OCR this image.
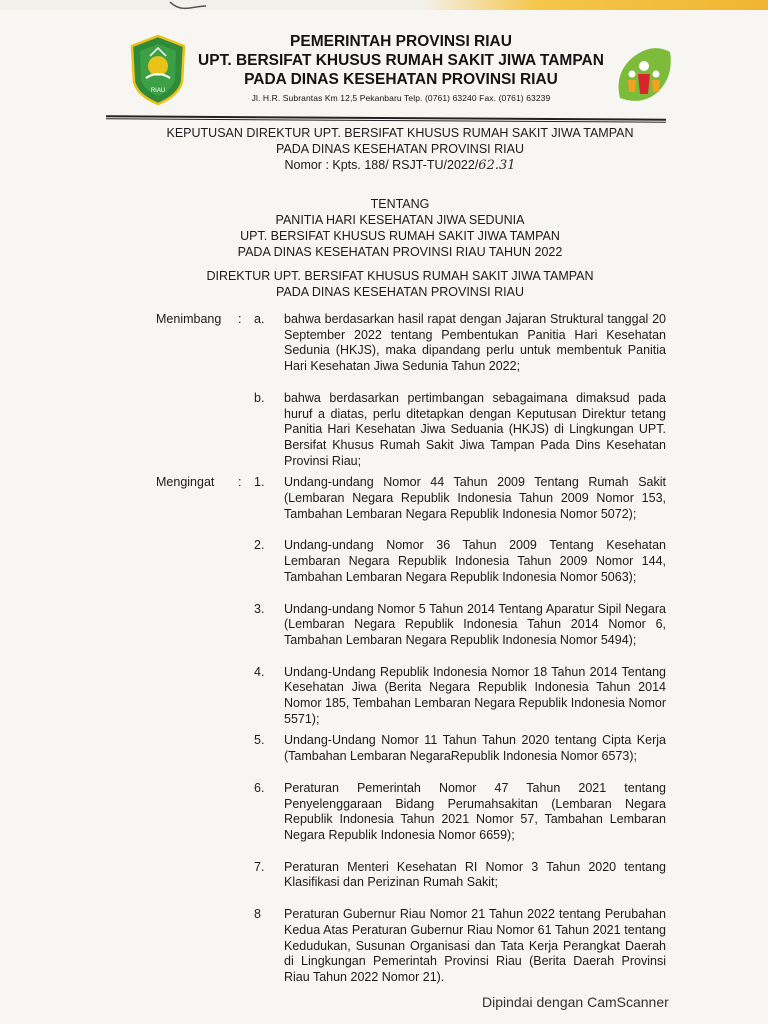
RIAU
PEMERINTAH PROVINSI RIAU
UPT. BERSIFAT KHUSUS RUMAH SAKIT JIWA TAMPAN
PADA DINAS KESEHATAN PROVINSI RIAU
Jl. H.R. Subrantas Km 12,5 Pekanbaru Telp. (0761) 63240 Fax. (0761) 63239
KEPUTUSAN DIREKTUR UPT. BERSIFAT KHUSUS RUMAH SAKIT JIWA TAMPAN
PADA DINAS KESEHATAN PROVINSI RIAU
Nomor : Kpts. 188/ RSJT-TU/2022/62.31
TENTANG
PANITIA HARI KESEHATAN JIWA SEDUNIA
UPT. BERSIFAT KHUSUS RUMAH SAKIT JIWA TAMPAN
PADA DINAS KESEHATAN PROVINSI RIAU TAHUN 2022
DIREKTUR UPT. BERSIFAT KHUSUS RUMAH SAKIT JIWA TAMPAN
PADA DINAS KESEHATAN PROVINSI RIAU
Menimbang	: a. bahwa berdasarkan hasil rapat dengan Jajaran Struktural tanggal 20 September 2022 tentang Pembentukan Panitia Hari Kesehatan Sedunia (HKJS), maka dipandang perlu untuk membentuk Panitia Hari Kesehatan Jiwa Sedunia Tahun 2022;
b. bahwa berdasarkan pertimbangan sebagaimana dimaksud pada huruf a diatas, perlu ditetapkan dengan Keputusan Direktur tetang Panitia Hari Kesehatan Jiwa Seduania (HKJS) di Lingkungan UPT. Bersifat Khusus Rumah Sakit Jiwa Tampan Pada Dins Kesehatan Provinsi Riau;
Mengingat	: 1. Undang-undang Nomor 44 Tahun 2009 Tentang Rumah Sakit (Lembaran Negara Republik Indonesia Tahun 2009 Nomor 153, Tambahan Lembaran Negara Republik Indonesia Nomor 5072);
2. Undang-undang Nomor 36 Tahun 2009 Tentang Kesehatan Lembaran Negara Republik Indonesia Tahun 2009 Nomor 144, Tambahan Lembaran Negara Republik Indonesia Nomor 5063);
3. Undang-undang Nomor 5 Tahun 2014 Tentang Aparatur Sipil Negara (Lembaran Negara Republik Indonesia Tahun 2014 Nomor 6, Tambahan Lembaran Negara Republik Indonesia Nomor 5494);
4. Undang-Undang Republik Indonesia Nomor 18 Tahun 2014 Tentang Kesehatan Jiwa (Berita Negara Republik Indonesia Tahun 2014 Nomor 185, Tembahan Lembaran Negara Republik Indonesia Nomor 5571);
5. Undang-Undang Nomor 11 Tahun Tahun 2020 tentang Cipta Kerja (Tambahan Lembaran NegaraRepublik Indonesia Nomor 6573);
6. Peraturan Pemerintah Nomor 47 Tahun 2021 tentang Penyelenggaraan Bidang Perumahsakitan (Lembaran Negara Republik Indonesia Tahun 2021 Nomor 57, Tambahan Lembaran Negara Republik Indonesia Nomor 6659);
7. Peraturan Menteri Kesehatan RI Nomor 3 Tahun 2020 tentang Klasifikasi dan Perizinan Rumah Sakit;
8 Peraturan Gubernur Riau Nomor 21 Tahun 2022 tentang Perubahan Kedua Atas Peraturan Gubernur Riau Nomor 61 Tahun 2021 tentang Kedudukan, Susunan Organisasi dan Tata Kerja Perangkat Daerah di Lingkungan Pemerintah Provinsi Riau (Berita Daerah Provinsi Riau Tahun 2022 Nomor 21).
Dipindai dengan CamScanner
